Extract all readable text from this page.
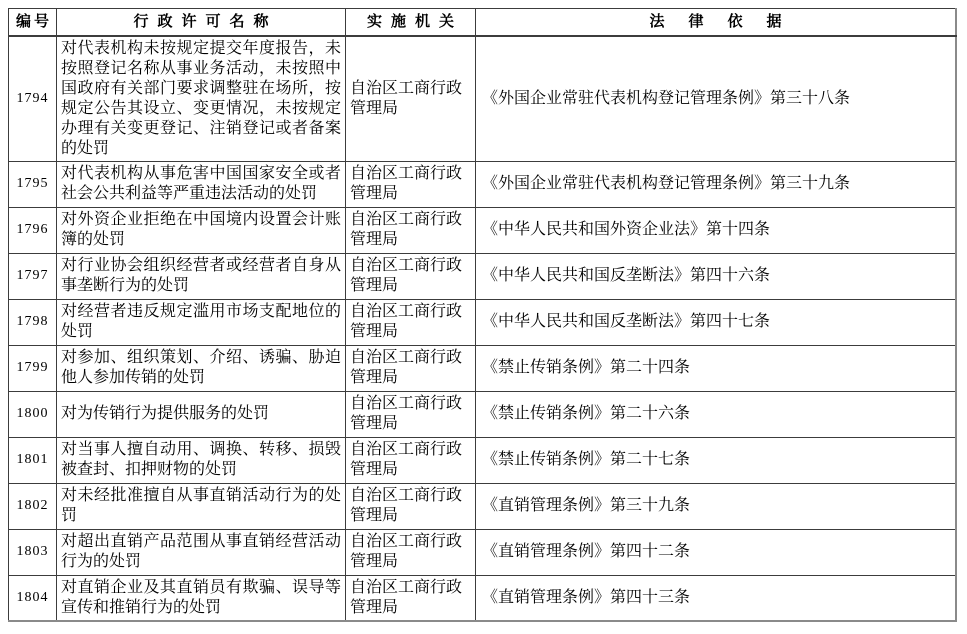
编号	行政许可名称	实施机关	法律依据
1794	对代表机构未按规定提交年度报告，未按照登记名称从事业务活动，未按照中国政府有关部门要求调整驻在场所，按规定公告其设立、变更情况，未按规定办理有关变更登记、注销登记或者备案的处罚	自治区工商行政管理局	《外国企业常驻代表机构登记管理条例》第三十八条
1795	对代表机构从事危害中国国家安全或者社会公共利益等严重违法活动的处罚	自治区工商行政管理局	《外国企业常驻代表机构登记管理条例》第三十九条
1796	对外资企业拒绝在中国境内设置会计账簿的处罚	自治区工商行政管理局	《中华人民共和国外资企业法》第十四条
1797	对行业协会组织经营者或经营者自身从事垄断行为的处罚	自治区工商行政管理局	《中华人民共和国反垄断法》第四十六条
1798	对经营者违反规定滥用市场支配地位的处罚	自治区工商行政管理局	《中华人民共和国反垄断法》第四十七条
1799	对参加、组织策划、介绍、诱骗、胁迫他人参加传销的处罚	自治区工商行政管理局	《禁止传销条例》第二十四条
1800	对为传销行为提供服务的处罚	自治区工商行政管理局	《禁止传销条例》第二十六条
1801	对当事人擅自动用、调换、转移、损毁被查封、扣押财物的处罚	自治区工商行政管理局	《禁止传销条例》第二十七条
1802	对未经批准擅自从事直销活动行为的处罚	自治区工商行政管理局	《直销管理条例》第三十九条
1803	对超出直销产品范围从事直销经营活动行为的处罚	自治区工商行政管理局	《直销管理条例》第四十二条
1804	对直销企业及其直销员有欺骗、误导等宣传和推销行为的处罚	自治区工商行政管理局	《直销管理条例》第四十三条
